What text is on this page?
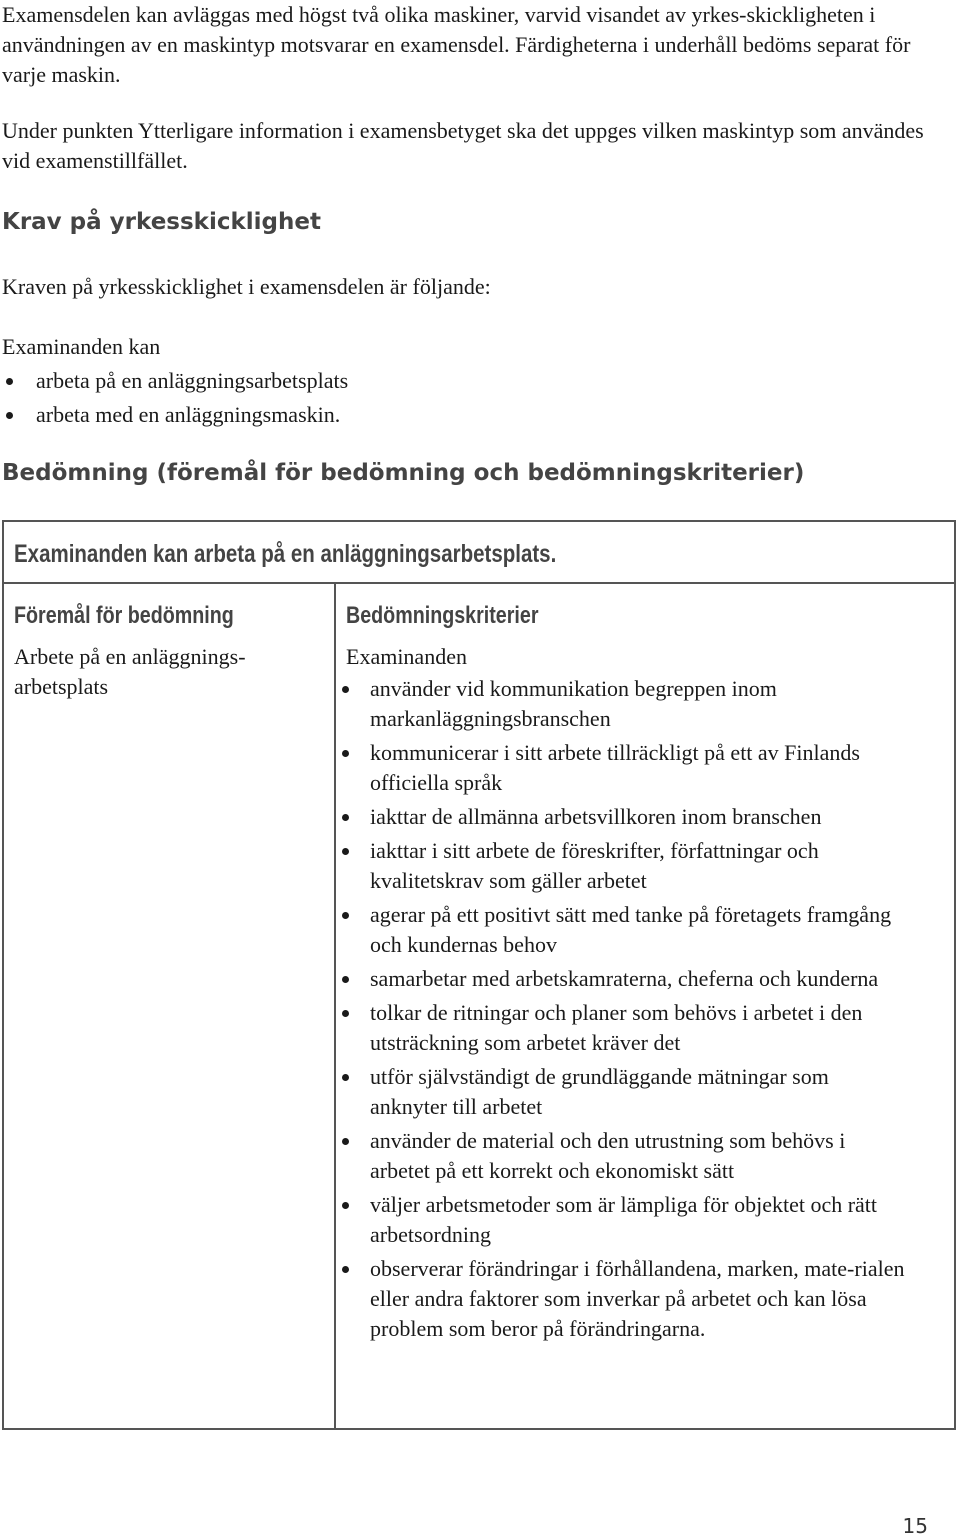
Examensdelen kan avläggas med högst två olika maskiner, varvid visandet av yrkes-skickligheten i användningen av en maskintyp motsvarar en examensdel. Färdigheterna i underhåll bedöms separat för varje maskin.

Under punkten Ytterligare information i examensbetyget ska det uppges vilken maskintyp som användes vid examenstillfället.

Krav på yrkesskicklighet

Kraven på yrkesskicklighet i examensdelen är följande:

Examinanden kan

arbeta på en anläggningsarbetsplats
arbeta med en anläggningsmaskin.
Bedömning (föremål för bedömning och bedömningskriterier)
Examinanden kan arbeta på en anläggningsarbetsplats.

Föremål för bedömning
Arbete på en anläggnings-arbetsplats

Bedömningskriterier
Examinanden
använder vid kommunikation begreppen inom markanläggningsbranschen
kommunicerar i sitt arbete tillräckligt på ett av Finlands officiella språk
iakttar de allmänna arbetsvillkoren inom branschen
iakttar i sitt arbete de föreskrifter, författningar och kvalitetskrav som gäller arbetet
agerar på ett positivt sätt med tanke på företagets framgång och kundernas behov
samarbetar med arbetskamraterna, cheferna och kunderna
tolkar de ritningar och planer som behövs i arbetet i den utsträckning som arbetet kräver det
utför självständigt de grundläggande mätningar som anknyter till arbetet
använder de material och den utrustning som behövs i arbetet på ett korrekt och ekonomiskt sätt
väljer arbetsmetoder som är lämpliga för objektet och rätt arbetsordning
observerar förändringar i förhållandena, marken, mate-rialen eller andra faktorer som inverkar på arbetet och kan lösa problem som beror på förändringarna.
15
